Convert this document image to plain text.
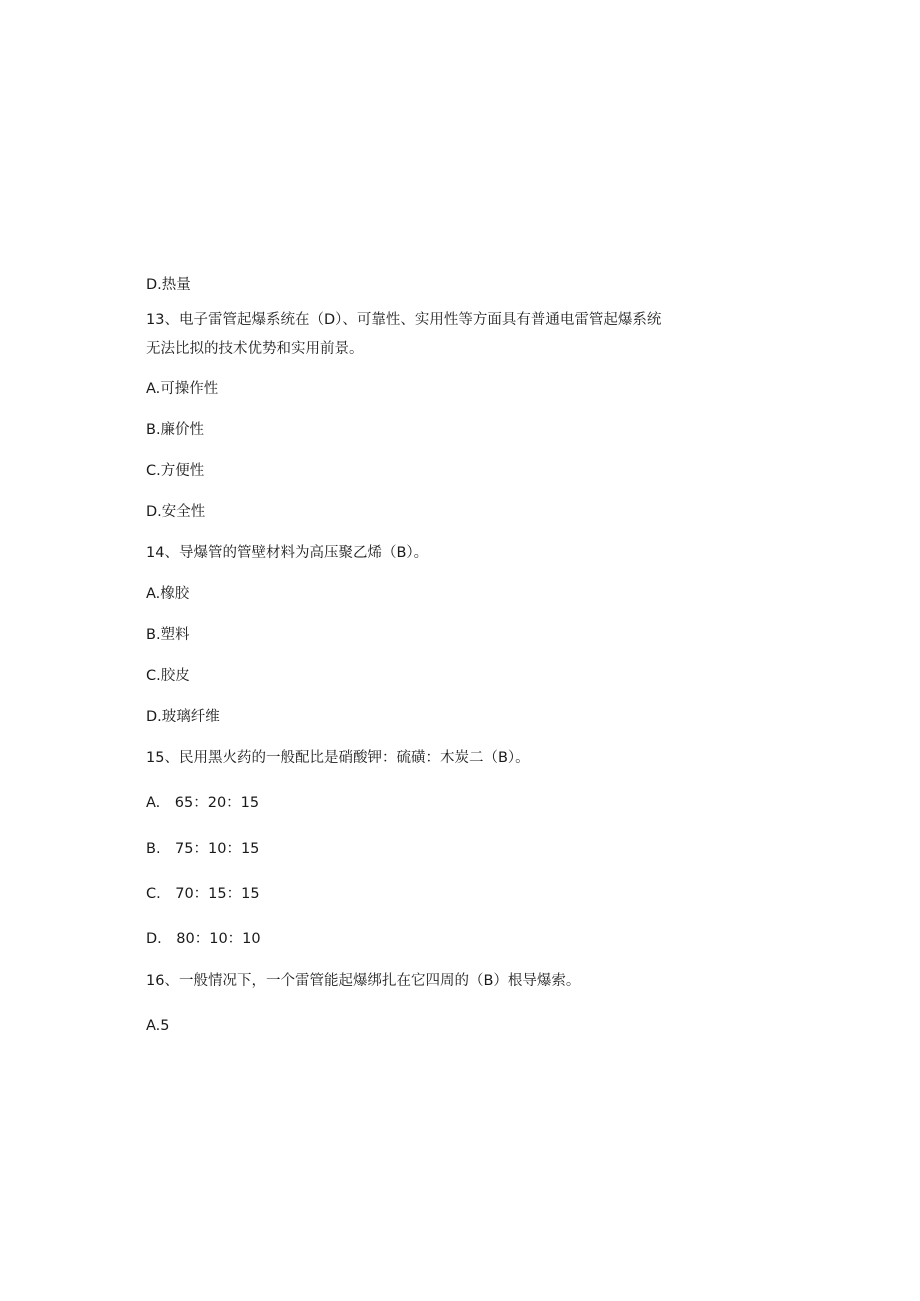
D.热量
13、电子雷管起爆系统在（D）、可靠性、实用性等方面具有普通电雷管起爆系统
无法比拟的技术优势和实用前景。
A.可操作性
B.廉价性
C.方便性
D.安全性
14、导爆管的管壁材料为高压聚乙烯（B）。
A.橡胶
B.塑料
C.胶皮
D.玻璃纤维
15、民用黑火药的一般配比是硝酸钾：硫磺：木炭二（B）。
A.　65：20：15
B.　75：10：15
C.　70：15：15
D.　80：10：10
16、一般情况下，一个雷管能起爆绑扎在它四周的（B）根导爆索。
A.5
